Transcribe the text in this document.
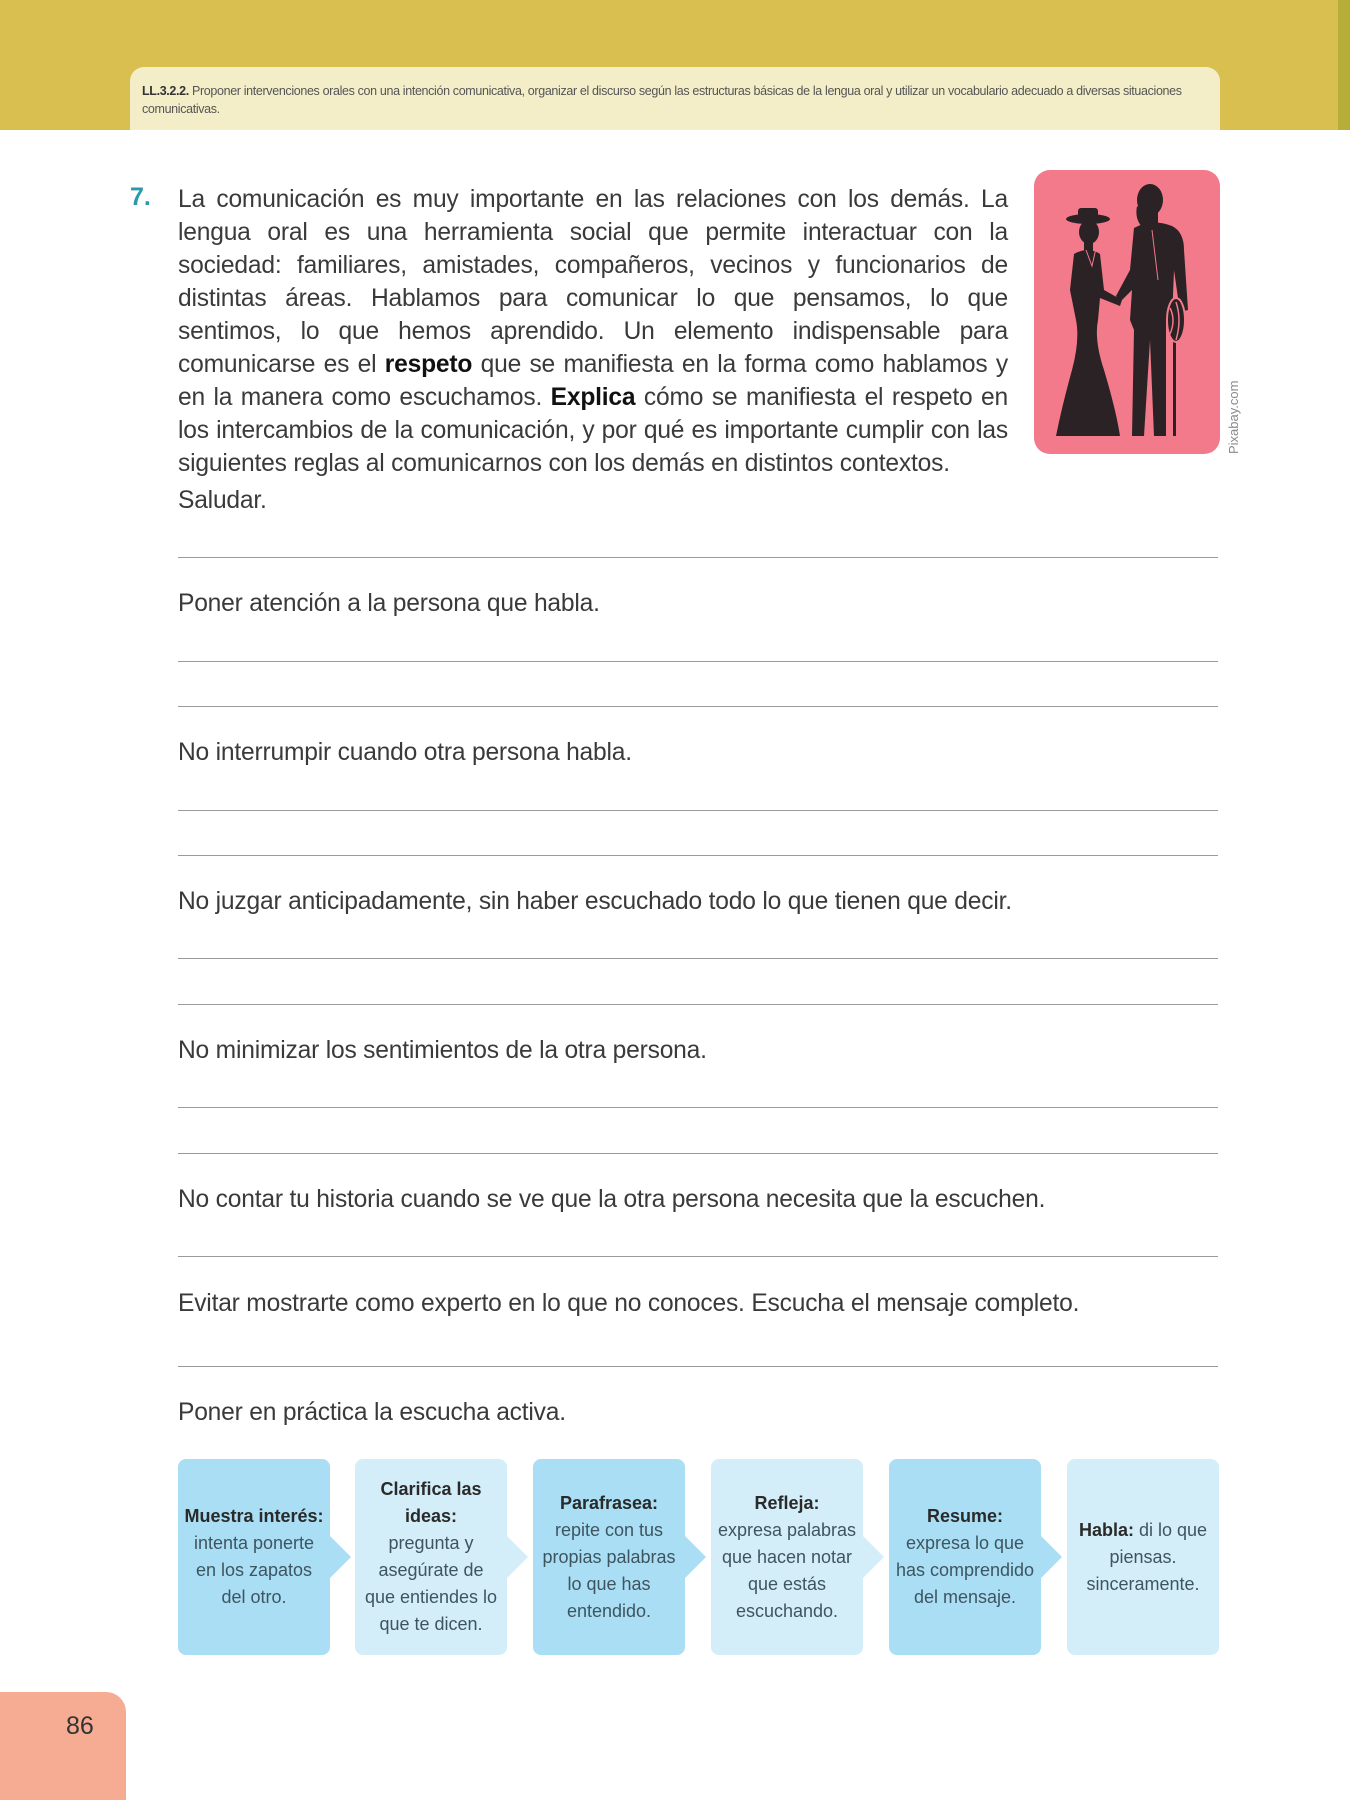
LL.3.2.2. Proponer intervenciones orales con una intención comunicativa, organizar el discurso según las estructuras básicas de la lengua oral y utilizar un vocabulario adecuado a diversas situaciones comunicativas.
7. La comunicación es muy importante en las relaciones con los demás. La lengua oral es una herramienta social que permite interactuar con la sociedad: familiares, amistades, compañeros, vecinos y funcionarios de distintas áreas. Hablamos para comunicar lo que pensamos, lo que sentimos, lo que hemos aprendido. Un elemento indispensable para comunicarse es el respeto que se manifiesta en la forma como hablamos y en la manera como escuchamos. Explica cómo se manifiesta el respeto en los intercambios de la comunicación, y por qué es importante cumplir con las siguientes reglas al comunicarnos con los demás en distintos contextos.
Pixabay.com
Saludar.
Poner atención a la persona que habla.
No interrumpir cuando otra persona habla.
No juzgar anticipadamente, sin haber escuchado todo lo que tienen que decir.
No minimizar los sentimientos de la otra persona.
No contar tu historia cuando se ve que la otra persona necesita que la escuchen.
Evitar mostrarte como experto en lo que no conoces. Escucha el mensaje completo.
Poner en práctica la escucha activa.
Muestra interés:
intenta ponerte en los zapatos del otro.
Clarifica las ideas:
pregunta y asegúrate de que entiendes lo que te dicen.
Parafrasea:
repite con tus propias palabras lo que has entendido.
Refleja:
expresa palabras que hacen notar que estás escuchando.
Resume:
expresa lo que has comprendido del mensaje.
Habla: di lo que piensas. sinceramente.
86
